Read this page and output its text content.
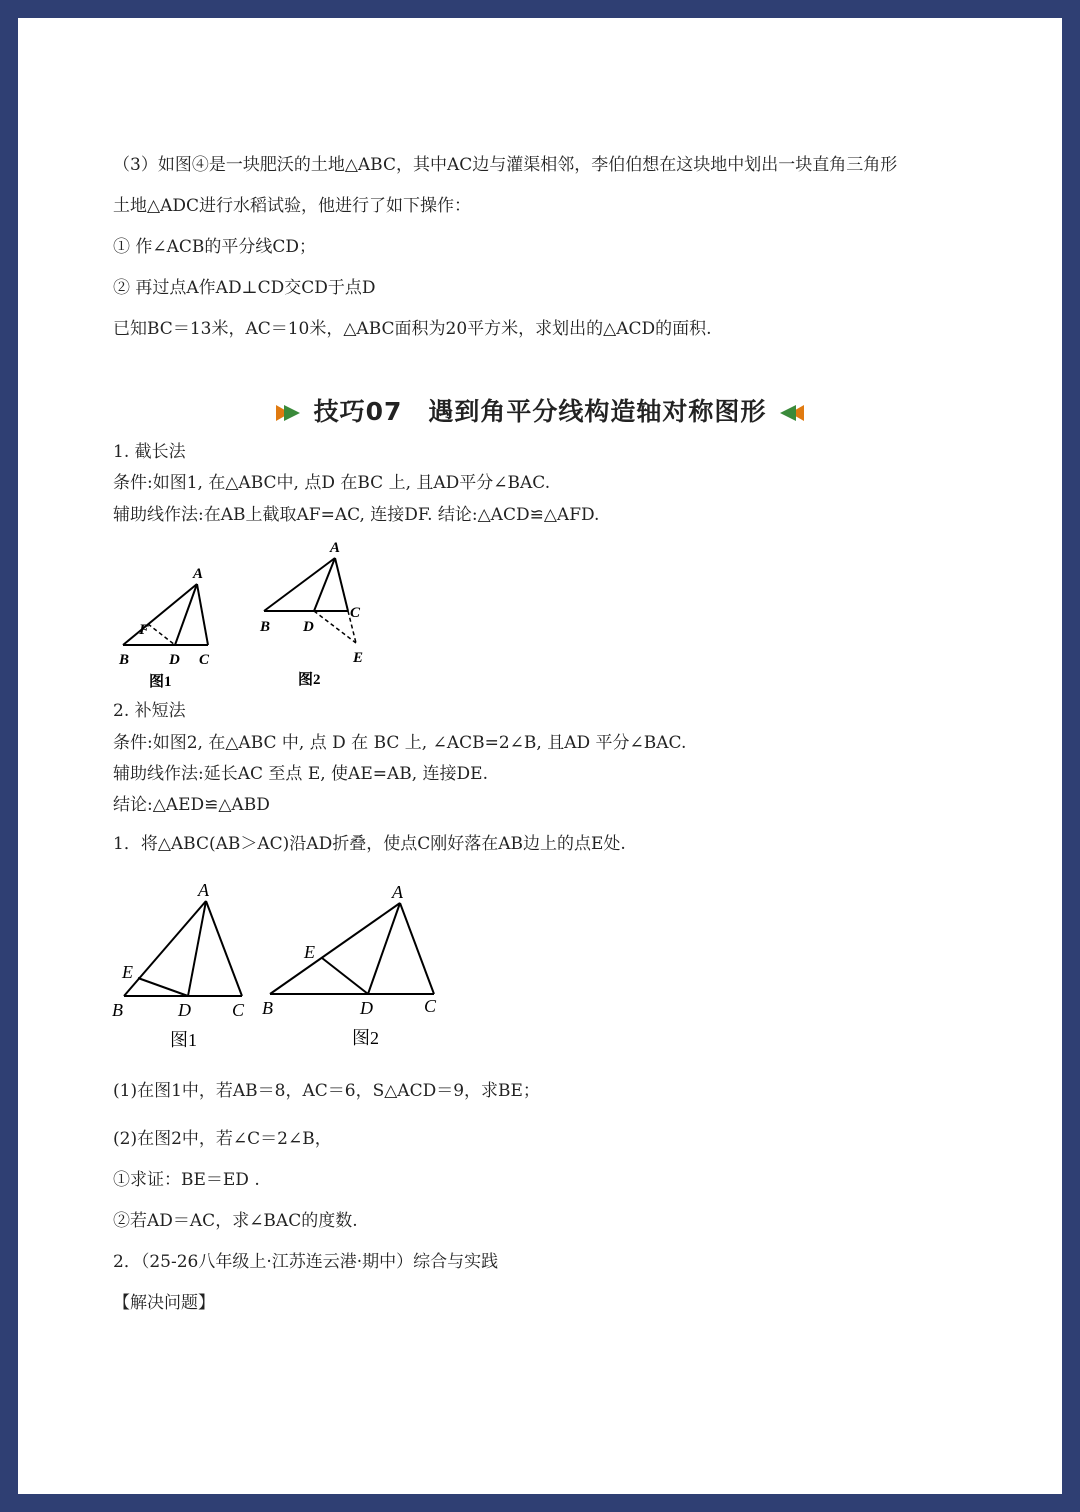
（3）如图④是一块肥沃的土地△ABC，其中AC边与灌渠相邻，李伯伯想在这块地中划出一块直角三角形
土地△ADC进行水稻试验，他进行了如下操作：
① 作∠ACB的平分线CD；
② 再过点A作AD⊥CD交CD于点D
已知BC＝13米，AC＝10米，△ABC面积为20平方米，求划出的△ACD的面积.
技巧07　遇到角平分线构造轴对称图形
1. 截长法
条件:如图1, 在△ABC中, 点D 在BC 上, 且AD平分∠BAC.
辅助线作法:在AB上截取AF=AC, 连接DF. 结论:△ACD≌△AFD.
A
F
B	D C
图1
A
B D
C
E
图2
2. 补短法
条件:如图2, 在△ABC 中, 点 D 在 BC 上, ∠ACB=2∠B, 且AD 平分∠BAC.
辅助线作法:延长AC 至点 E, 使AE=AB, 连接DE.
结论:△AED≌△ABD
1．将△ABC(AB＞AC)沿AD折叠，使点C刚好落在AB边上的点E处.
A
E
B	D C
图1
A
E
B	D	C
图2
(1)在图1中，若AB＝8，AC＝6，S△ACD＝9，求BE；
(2)在图2中，若∠C＝2∠B，
①求证：BE＝ED .
②若AD＝AC，求∠BAC的度数.
2．（25-26八年级上·江苏连云港·期中）综合与实践
【解决问题】
